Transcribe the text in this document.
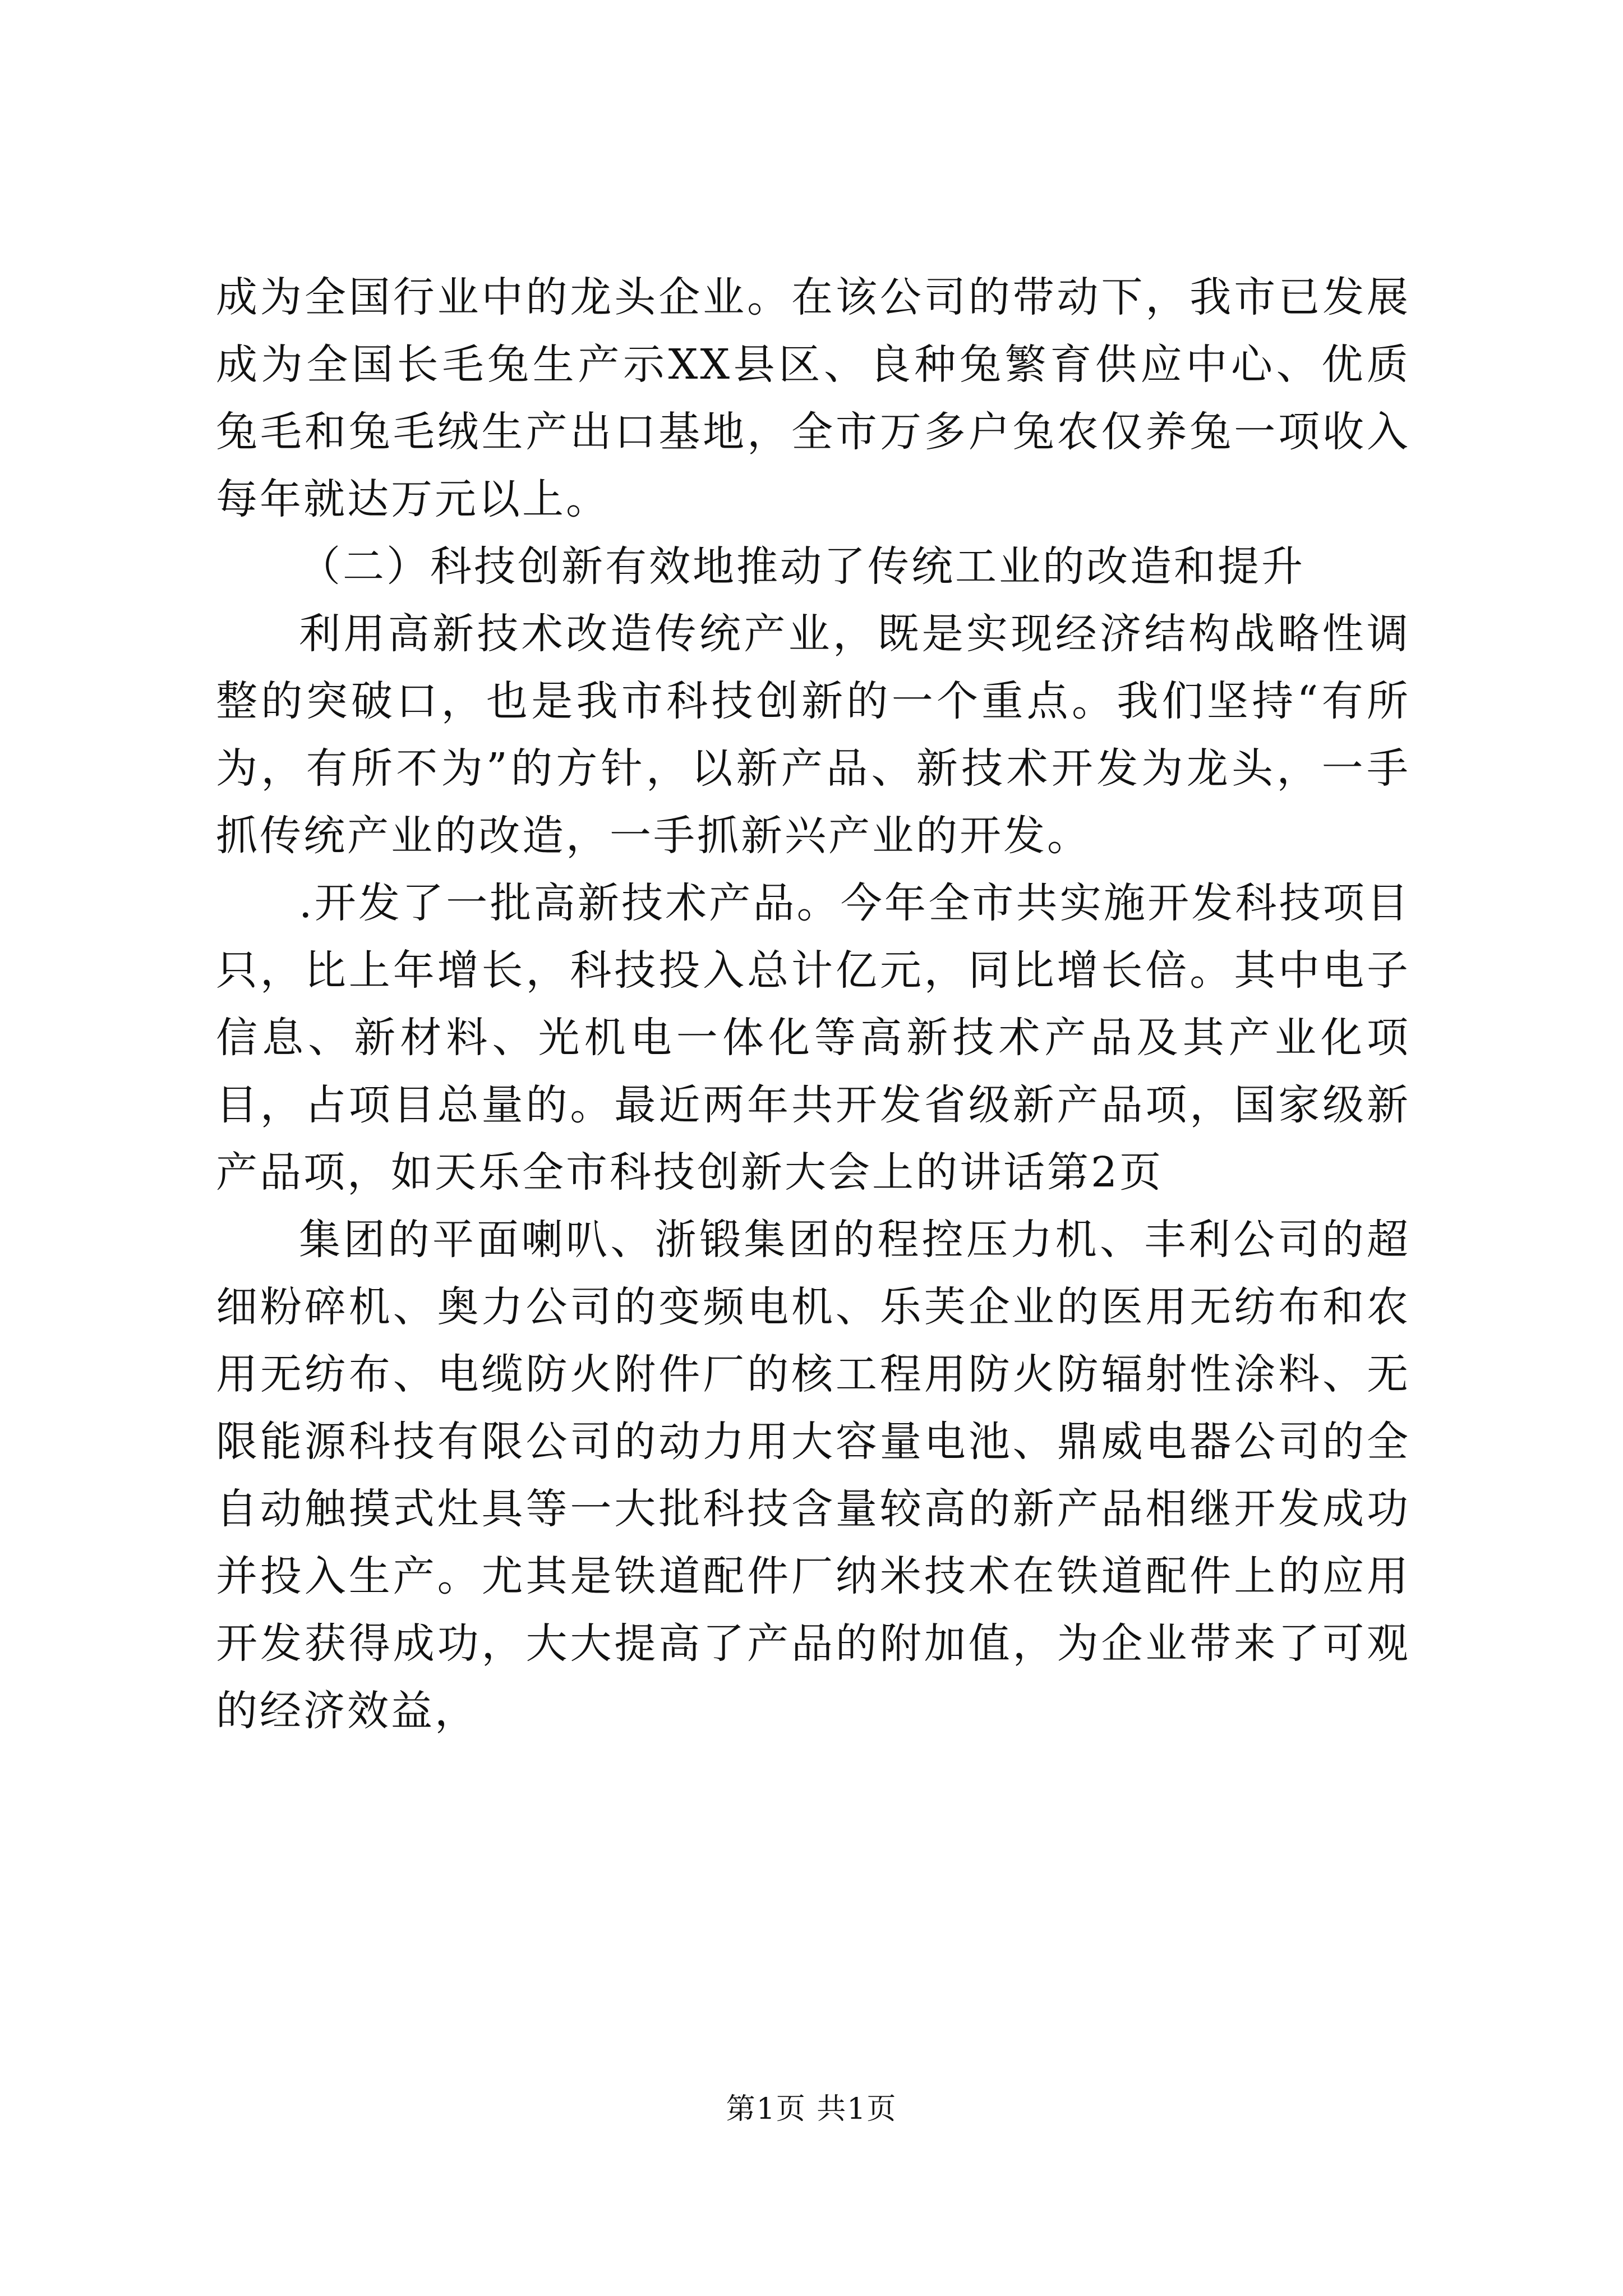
成为全国行业中的龙头企业。在该公司的带动下，我市已发展成为全国长毛兔生产示XX县区、良种兔繁育供应中心、优质兔毛和兔毛绒生产出口基地，全市万多户兔农仅养兔一项收入每年就达万元以上。

（二）科技创新有效地推动了传统工业的改造和提升

利用高新技术改造传统产业，既是实现经济结构战略性调整的突破口，也是我市科技创新的一个重点。我们坚持“有所为，有所不为”的方针，以新产品、新技术开发为龙头，一手抓传统产业的改造，一手抓新兴产业的开发。

.开发了一批高新技术产品。今年全市共实施开发科技项目只，比上年增长，科技投入总计亿元，同比增长倍。其中电子信息、新材料、光机电一体化等高新技术产品及其产业化项目，占项目总量的。最近两年共开发省级新产品项，国家级新产品项，如天乐全市科技创新大会上的讲话第2页

集团的平面喇叭、浙锻集团的程控压力机、丰利公司的超细粉碎机、奥力公司的变频电机、乐芙企业的医用无纺布和农用无纺布、电缆防火附件厂的核工程用防火防辐射性涂料、无限能源科技有限公司的动力用大容量电池、鼎威电器公司的全自动触摸式灶具等一大批科技含量较高的新产品相继开发成功并投入生产。尤其是铁道配件厂纳米技术在铁道配件上的应用开发获得成功，大大提高了产品的附加值，为企业带来了可观的经济效益，

第1页 共1页
